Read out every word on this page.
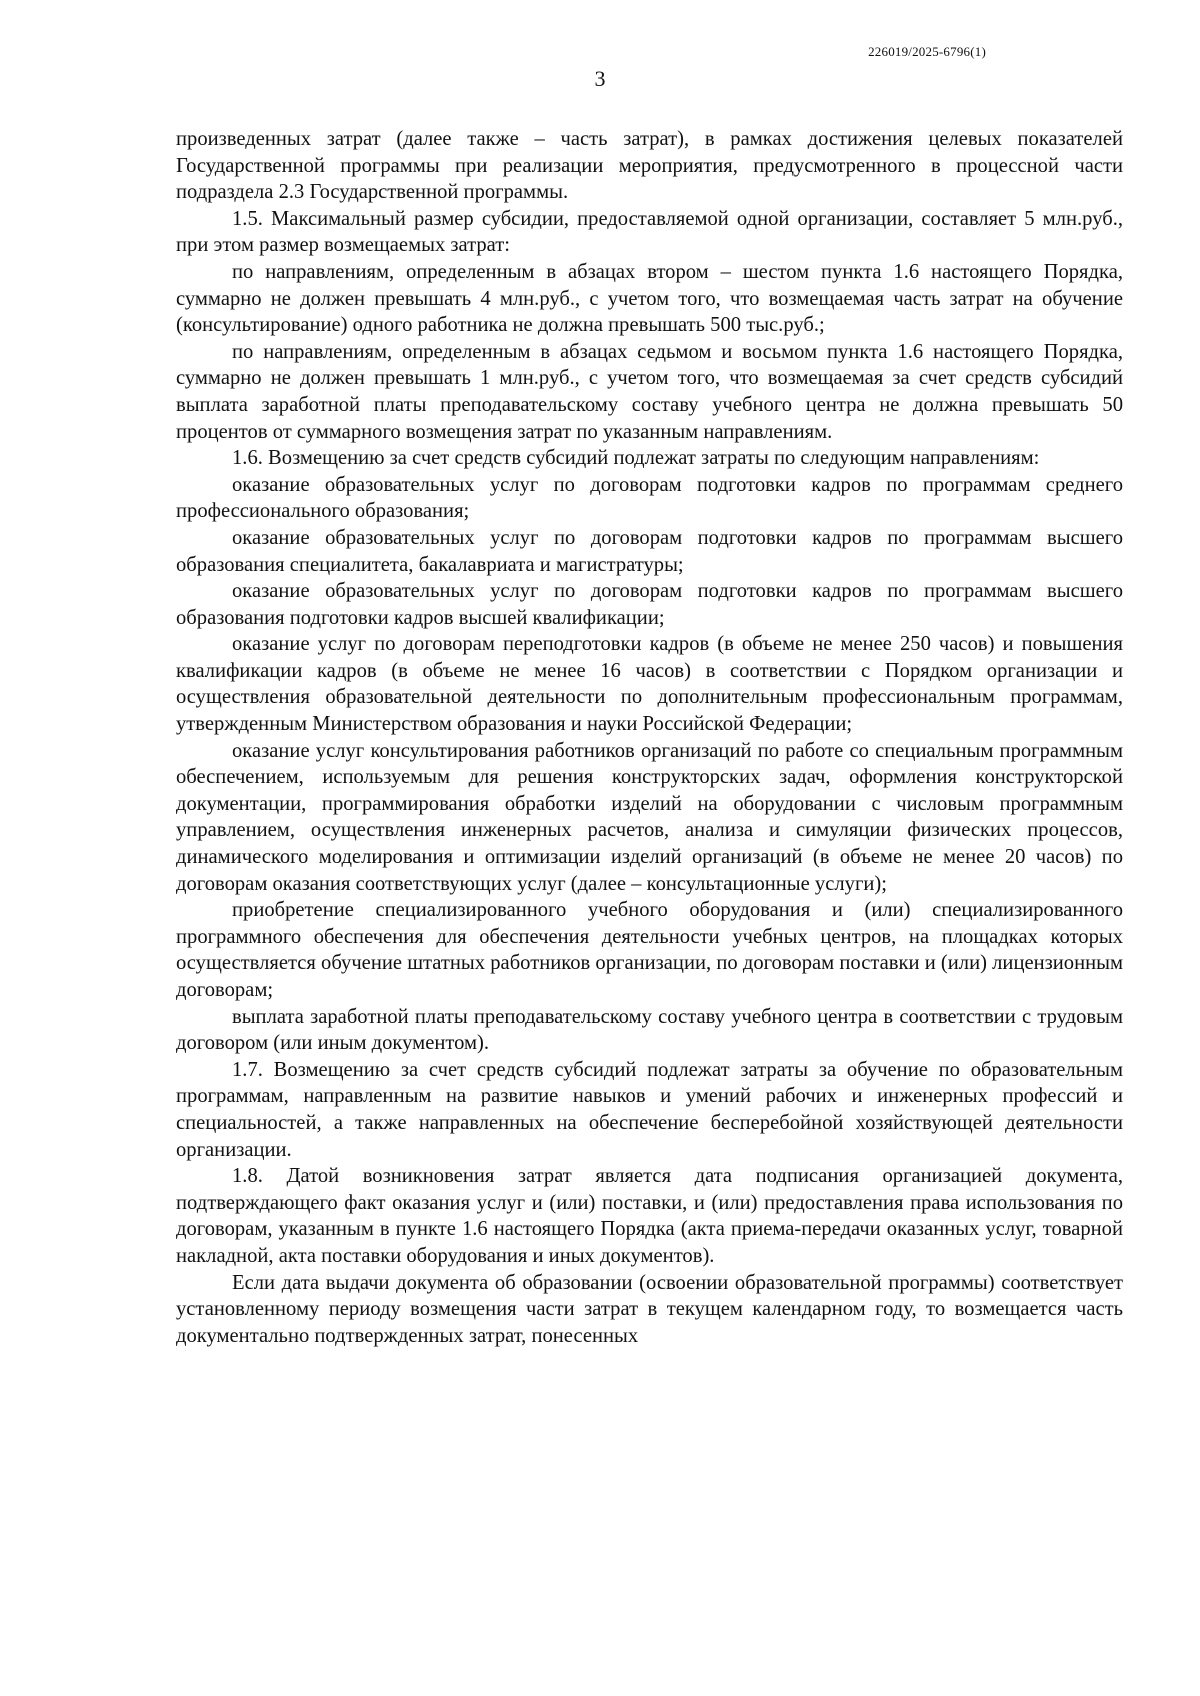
226019/2025-6796(1)
3

произведенных затрат (далее также – часть затрат), в рамках достижения целевых показателей Государственной программы при реализации мероприятия, предусмотренного в процессной части подраздела 2.3 Государственной программы.

1.5. Максимальный размер субсидии, предоставляемой одной организации, составляет 5 млн.руб., при этом размер возмещаемых затрат:

по направлениям, определенным в абзацах втором – шестом пункта 1.6 настоящего Порядка, суммарно не должен превышать 4 млн.руб., с учетом того, что возмещаемая часть затрат на обучение (консультирование) одного работника не должна превышать 500 тыс.руб.;

по направлениям, определенным в абзацах седьмом и восьмом пункта 1.6 настоящего Порядка, суммарно не должен превышать 1 млн.руб., с учетом того, что возмещаемая за счет средств субсидий выплата заработной платы преподавательскому составу учебного центра не должна превышать 50 процентов от суммарного возмещения затрат по указанным направлениям.

1.6. Возмещению за счет средств субсидий подлежат затраты по следующим направлениям:

оказание образовательных услуг по договорам подготовки кадров по программам среднего профессионального образования;

оказание образовательных услуг по договорам подготовки кадров по программам высшего образования специалитета, бакалавриата и магистратуры;

оказание образовательных услуг по договорам подготовки кадров по программам высшего образования подготовки кадров высшей квалификации;

оказание услуг по договорам переподготовки кадров (в объеме не менее 250 часов) и повышения квалификации кадров (в объеме не менее 16 часов) в соответствии с Порядком организации и осуществления образовательной деятельности по дополнительным профессиональным программам, утвержденным Министерством образования и науки Российской Федерации;

оказание услуг консультирования работников организаций по работе со специальным программным обеспечением, используемым для решения конструкторских задач, оформления конструкторской документации, программирования обработки изделий на оборудовании с числовым программным управлением, осуществления инженерных расчетов, анализа и симуляции физических процессов, динамического моделирования и оптимизации изделий организаций (в объеме не менее 20 часов) по договорам оказания соответствующих услуг (далее – консультационные услуги);

приобретение специализированного учебного оборудования и (или) специализированного программного обеспечения для обеспечения деятельности учебных центров, на площадках которых осуществляется обучение штатных работников организации, по договорам поставки и (или) лицензионным договорам;

выплата заработной платы преподавательскому составу учебного центра в соответствии с трудовым договором (или иным документом).

1.7. Возмещению за счет средств субсидий подлежат затраты за обучение по образовательным программам, направленным на развитие навыков и умений рабочих и инженерных профессий и специальностей, а также направленных на обеспечение бесперебойной хозяйствующей деятельности организации.

1.8. Датой возникновения затрат является дата подписания организацией документа, подтверждающего факт оказания услуг и (или) поставки, и (или) предоставления права использования по договорам, указанным в пункте 1.6 настоящего Порядка (акта приема-передачи оказанных услуг, товарной накладной, акта поставки оборудования и иных документов).

Если дата выдачи документа об образовании (освоении образовательной программы) соответствует установленному периоду возмещения части затрат в текущем календарном году, то возмещается часть документально подтвержденных затрат, понесенных
